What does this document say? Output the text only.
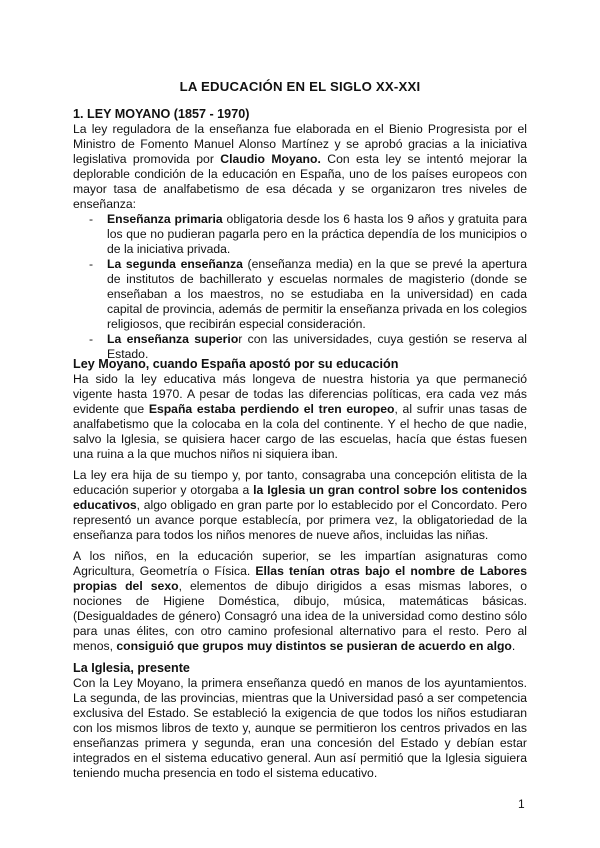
LA EDUCACIÓN EN EL SIGLO XX-XXI
1. LEY MOYANO (1857 - 1970)

La ley reguladora de la enseñanza fue elaborada en el Bienio Progresista por el Ministro de Fomento Manuel Alonso Martínez y se aprobó gracias a la iniciativa legislativa promovida por Claudio Moyano. Con esta ley se intentó mejorar la deplorable condición de la educación en España, uno de los países europeos con mayor tasa de analfabetismo de esa década y se organizaron tres niveles de enseñanza:

- Enseñanza primaria obligatoria desde los 6 hasta los 9 años y gratuita para los que no pudieran pagarla pero en la práctica dependía de los municipios o de la iniciativa privada.
- La segunda enseñanza (enseñanza media) en la que se prevé la apertura de institutos de bachillerato y escuelas normales de magisterio (donde se enseñaban a los maestros, no se estudiaba en la universidad) en cada capital de provincia, además de permitir la enseñanza privada en los colegios religiosos, que recibirán especial consideración.
- La enseñanza superior con las universidades, cuya gestión se reserva al Estado.
Ley Moyano, cuando España apostó por su educación

Ha sido la ley educativa más longeva de nuestra historia ya que permaneció vigente hasta 1970. A pesar de todas las diferencias políticas, era cada vez más evidente que España estaba perdiendo el tren europeo, al sufrir unas tasas de analfabetismo que la colocaba en la cola del continente. Y el hecho de que nadie, salvo la Iglesia, se quisiera hacer cargo de las escuelas, hacía que éstas fuesen una ruina a la que muchos niños ni siquiera iban.

La ley era hija de su tiempo y, por tanto, consagraba una concepción elitista de la educación superior y otorgaba a la Iglesia un gran control sobre los contenidos educativos, algo obligado en gran parte por lo establecido por el Concordato. Pero representó un avance porque establecía, por primera vez, la obligatoriedad de la enseñanza para todos los niños menores de nueve años, incluidas las niñas.

A los niños, en la educación superior, se les impartían asignaturas como Agricultura, Geometría o Física. Ellas tenían otras bajo el nombre de Labores propias del sexo, elementos de dibujo dirigidos a esas mismas labores, o nociones de Higiene Doméstica, dibujo, música, matemáticas básicas. (Desigualdades de género) Consagró una idea de la universidad como destino sólo para unas élites, con otro camino profesional alternativo para el resto. Pero al menos, consiguió que grupos muy distintos se pusieran de acuerdo en algo.

La Iglesia, presente

Con la Ley Moyano, la primera enseñanza quedó en manos de los ayuntamientos. La segunda, de las provincias, mientras que la Universidad pasó a ser competencia exclusiva del Estado. Se estableció la exigencia de que todos los niños estudiaran con los mismos libros de texto y, aunque se permitieron los centros privados en las enseñanzas primera y segunda, eran una concesión del Estado y debían estar integrados en el sistema educativo general. Aun así permitió que la Iglesia siguiera teniendo mucha presencia en todo el sistema educativo.

1
